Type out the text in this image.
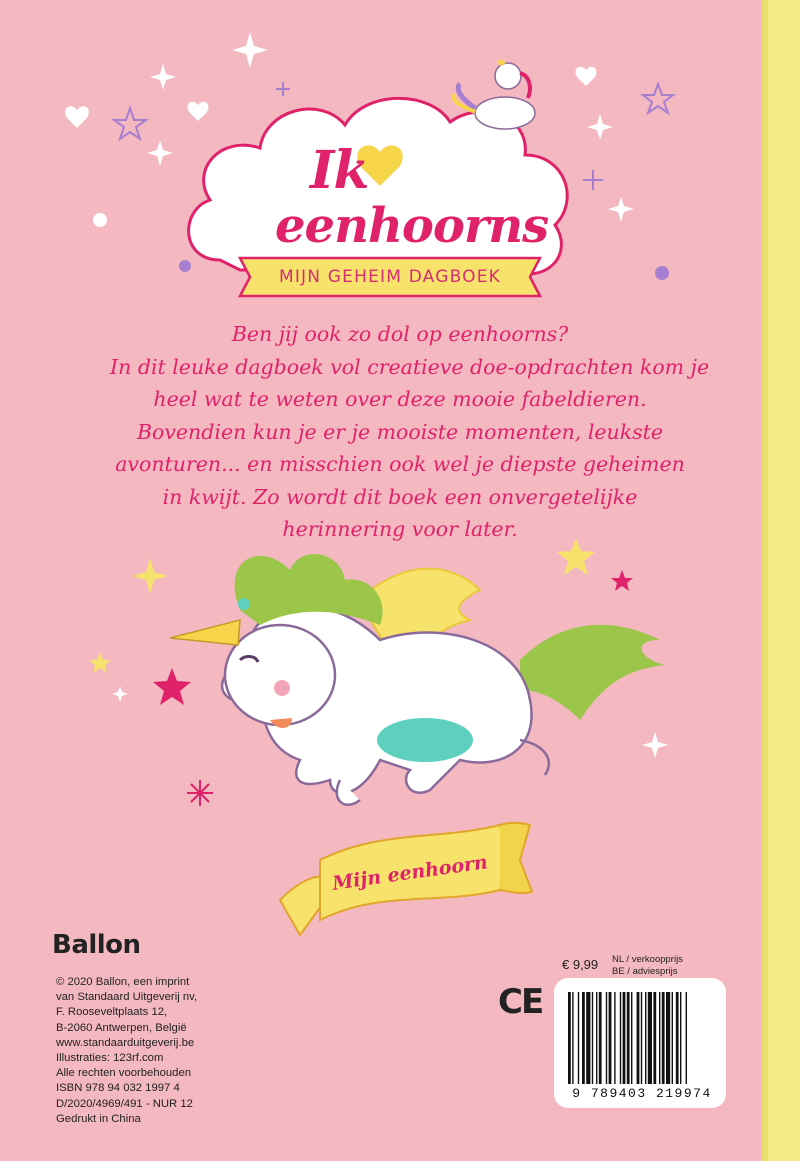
Ik
eenhoorns
MIJN GEHEIM DAGBOEK
Ben jij ook zo dol op eenhoorns?
In dit leuke dagboek vol creatieve doe-opdrachten kom je
heel wat te weten over deze mooie fabeldieren.
Bovendien kun je er je mooiste momenten, leukste
avonturen... en misschien ook wel je diepste geheimen
in kwijt. Zo wordt dit boek een onvergetelijke
herinnering voor later.
Mijn eenhoorn
Ballon
© 2020 Ballon, een imprint
van Standaard Uitgeverij nv,
F. Rooseveltplaats 12,
B-2060 Antwerpen, België
www.standaarduitgeverij.be
Illustraties: 123rf.com
Alle rechten voorbehouden
ISBN 978 94 032 1997 4
D/2020/4969/491 - NUR 12
Gedrukt in China
€ 9,99 NL / verkoopprijs
BE / adviesprijs
CE
9 789403 219974
